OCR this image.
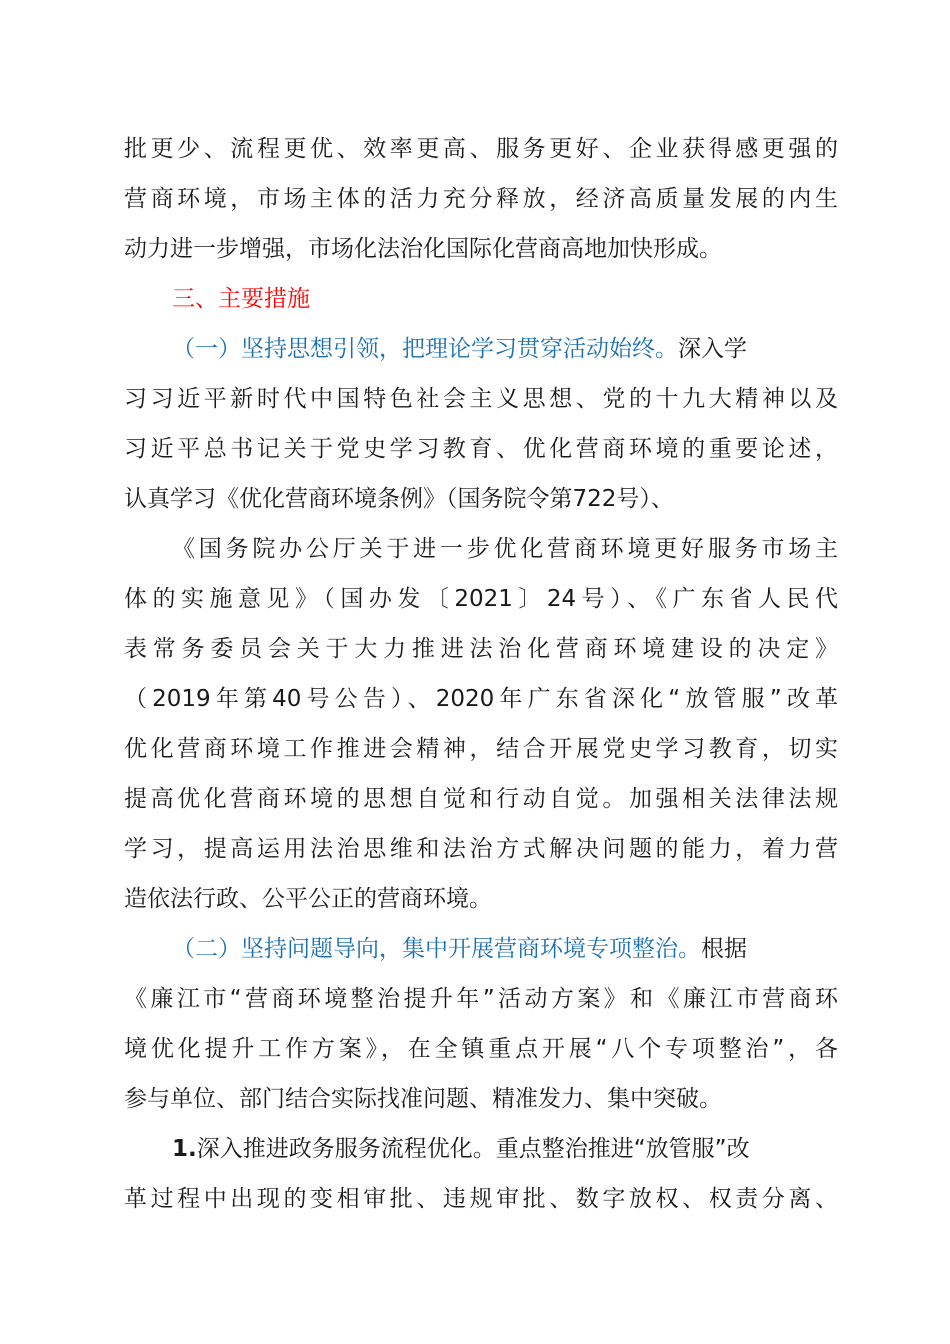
批更少、流程更优、效率更高、服务更好、企业获得感更强的
营商环境，市场主体的活力充分释放，经济高质量发展的内生
动力进一步增强，市场化法治化国际化营商高地加快形成。
三、主要措施
（一）坚持思想引领，把理论学习贯穿活动始终。深入学
习习近平新时代中国特色社会主义思想、党的十九大精神以及
习近平总书记关于党史学习教育、优化营商环境的重要论述，
认真学习《优化营商环境条例》（国务院令第722号）、
《国务院办公厅关于进一步优化营商环境更好服务市场主
体的实施意见》（国办发〔2021〕24号）、《广东省人民代
表常务委员会关于大力推进法治化营商环境建设的决定》
（2019年第40号公告）、2020年广东省深化“放管服”改革
优化营商环境工作推进会精神，结合开展党史学习教育，切实
提高优化营商环境的思想自觉和行动自觉。加强相关法律法规
学习，提高运用法治思维和法治方式解决问题的能力，着力营
造依法行政、公平公正的营商环境。
（二）坚持问题导向，集中开展营商环境专项整治。根据
《廉江市“营商环境整治提升年”活动方案》和《廉江市营商环
境优化提升工作方案》，在全镇重点开展“八个专项整治”，各
参与单位、部门结合实际找准问题、精准发力、集中突破。
1.深入推进政务服务流程优化。重点整治推进“放管服”改
革过程中出现的变相审批、违规审批、数字放权、权责分离、
